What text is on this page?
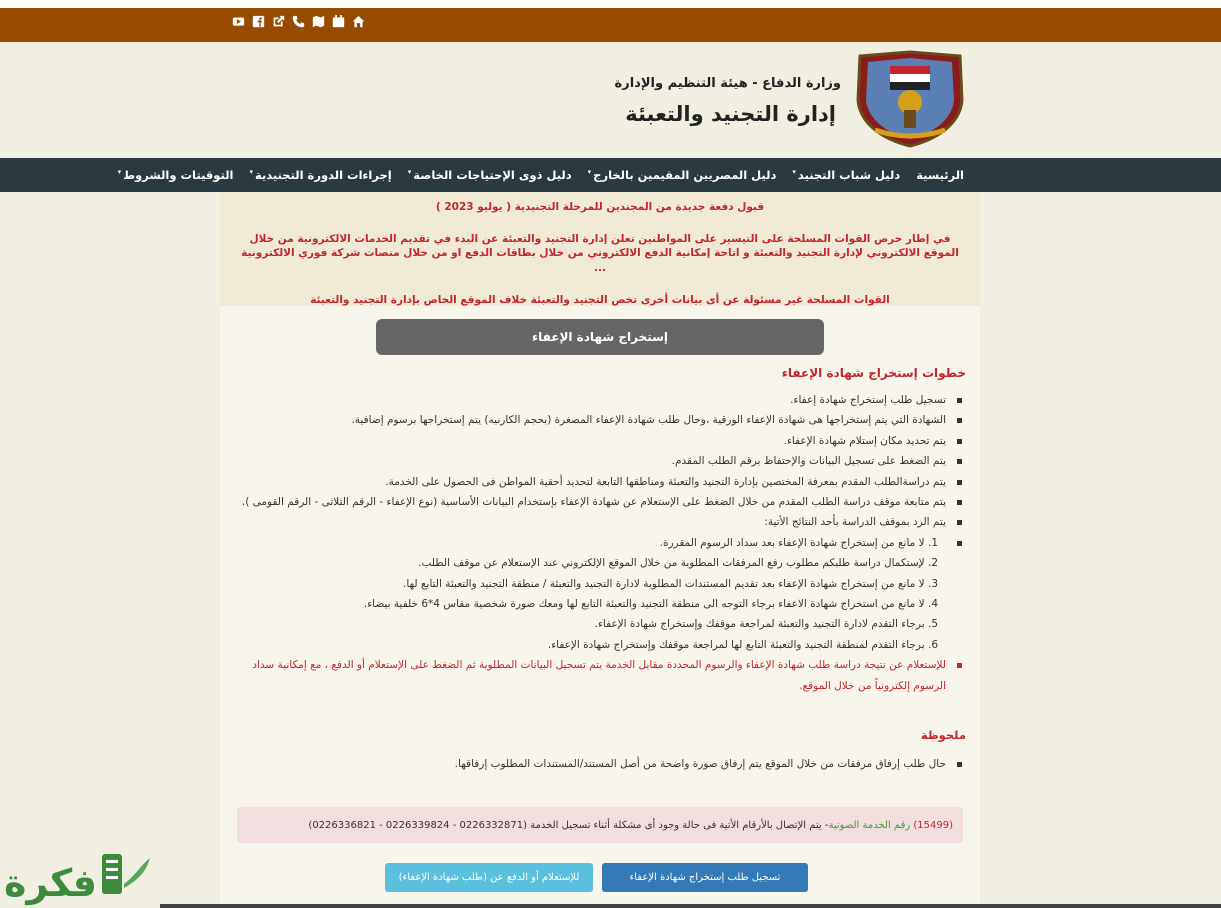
وزارة الدفاع - هيئة التنظيم والإدارة
إدارة التجنيد والتعبئة
الرئيسية
دليل شباب التجنيد▾
دليل المصريين المقيمين بالخارج▾
دليل ذوى الإحتياجات الخاصة▾
إجراءات الدورة التجنيدية▾
التوقيتات والشروط▾

قبول دفعة جديدة من المجندين للمرحلة التجنيدية ( يوليو 2023 )

في إطار حرص القوات المسلحة على التيسير على المواطنين تعلن إدارة التجنيد والتعبئة عن البدء في تقديم الخدمات الالكترونية من خلال الموقع الالكتروني لإدارة التجنيد والتعبئة و اتاحة إمكانية الدفع الالكتروني من خلال بطاقات الدفع او من خلال منصات شركة فوري الالكترونية ...

القوات المسلحة غير مسئولة عن أى بيانات أخرى تخص التجنيد والتعبئة خلاف الموقع الخاص بإدارة التجنيد والتعبئة

إستخراج شهادة الإعفاء
خطوات إستخراج شهادة الإعفاء
تسجيل طلب إستخراج شهادة إعفاء.
الشهادة التي يتم إستخراجها هى شهادة الإعفاء الورقية ،وحال طلب شهادة الإعفاء المصغرة (بحجم الكارنيه) يتم إستخراجها برسوم إضافية.
يتم تحديد مكان إستلام شهادة الإعفاء.
يتم الضغط على تسجيل البيانات والإحتفاظ برقم الطلب المقدم.
يتم دراسةالطلب المقدم بمعرفة المختصين بإدارة التجنيد والتعبئة ومناطقها التابعة لتحديد أحقية المواطن فى الحصول على الخدمة.
يتم متابعة موقف دراسة الطلب المقدم من خلال الضغط على الإستعلام عن شهادة الإعفاء بإستخدام البيانات الأساسية (نوع الإعفاء - الرقم الثلاثى - الرقم القومى ).
يتم الرد بموقف الدراسة بأحد النتائج الأتية:
1. لا مانع من إستخراج شهادة الإعفاء بعد سداد الرسوم المقررة.
2. لإستكمال دراسة طلبكم مطلوب رفع المرفقات المطلوبة من خلال الموقع الإلكتروني عند الإستعلام عن موقف الطلب.
3. لا مانع من إستخراج شهادة الإعفاء بعد تقديم المستندات المطلوبة لادارة التجنيد والتعبئة / منطقة التجنيد والتعبئة التابع لها.
4. لا مانع من استخراج شهادة الاعفاء برجاء التوجه الى منطقة التجنيد والتعبئة التابع لها ومعك صورة شخصية مقاس 4*6 خلفية بيضاء.
5. برجاء التقدم لادارة التجنيد والتعبئة لمراجعة موقفك وإستخراج شهادة الإعفاء.
6. برجاء التقدم لمنطقة التجنيد والتعبئة التابع لها لمراجعة موقفك وإستخراج شهادة الإعفاء.
للإستعلام عن نتيجة دراسة طلب شهادة الإعفاء والرسوم المحددة مقابل الخدمة يتم تسجيل البيانات المطلوبة ثم الضغط على الإستعلام أو الدفع ، مع إمكانية سداد الرسوم إلكترونياً من خلال الموقع.
ملحوظة
حال طلب إرفاق مرفقات من خلال الموقع يتم إرفاق صورة واضحة من أصل المستند/المستندات المطلوب إرفاقها.
(15499)

رقم الخدمة الصوتية
- يتم الإتصال بالأرقام الأتية فى حالة وجود أى مشكلة أثناء تسجيل الخدمة (0226332871 - 0226339824 - 0226336821)
تسجيل طلب إستخراج شهادة الإعفاء
للإستعلام أو الدفع عن (طلب شهادة الإعفاء)
فكرة
